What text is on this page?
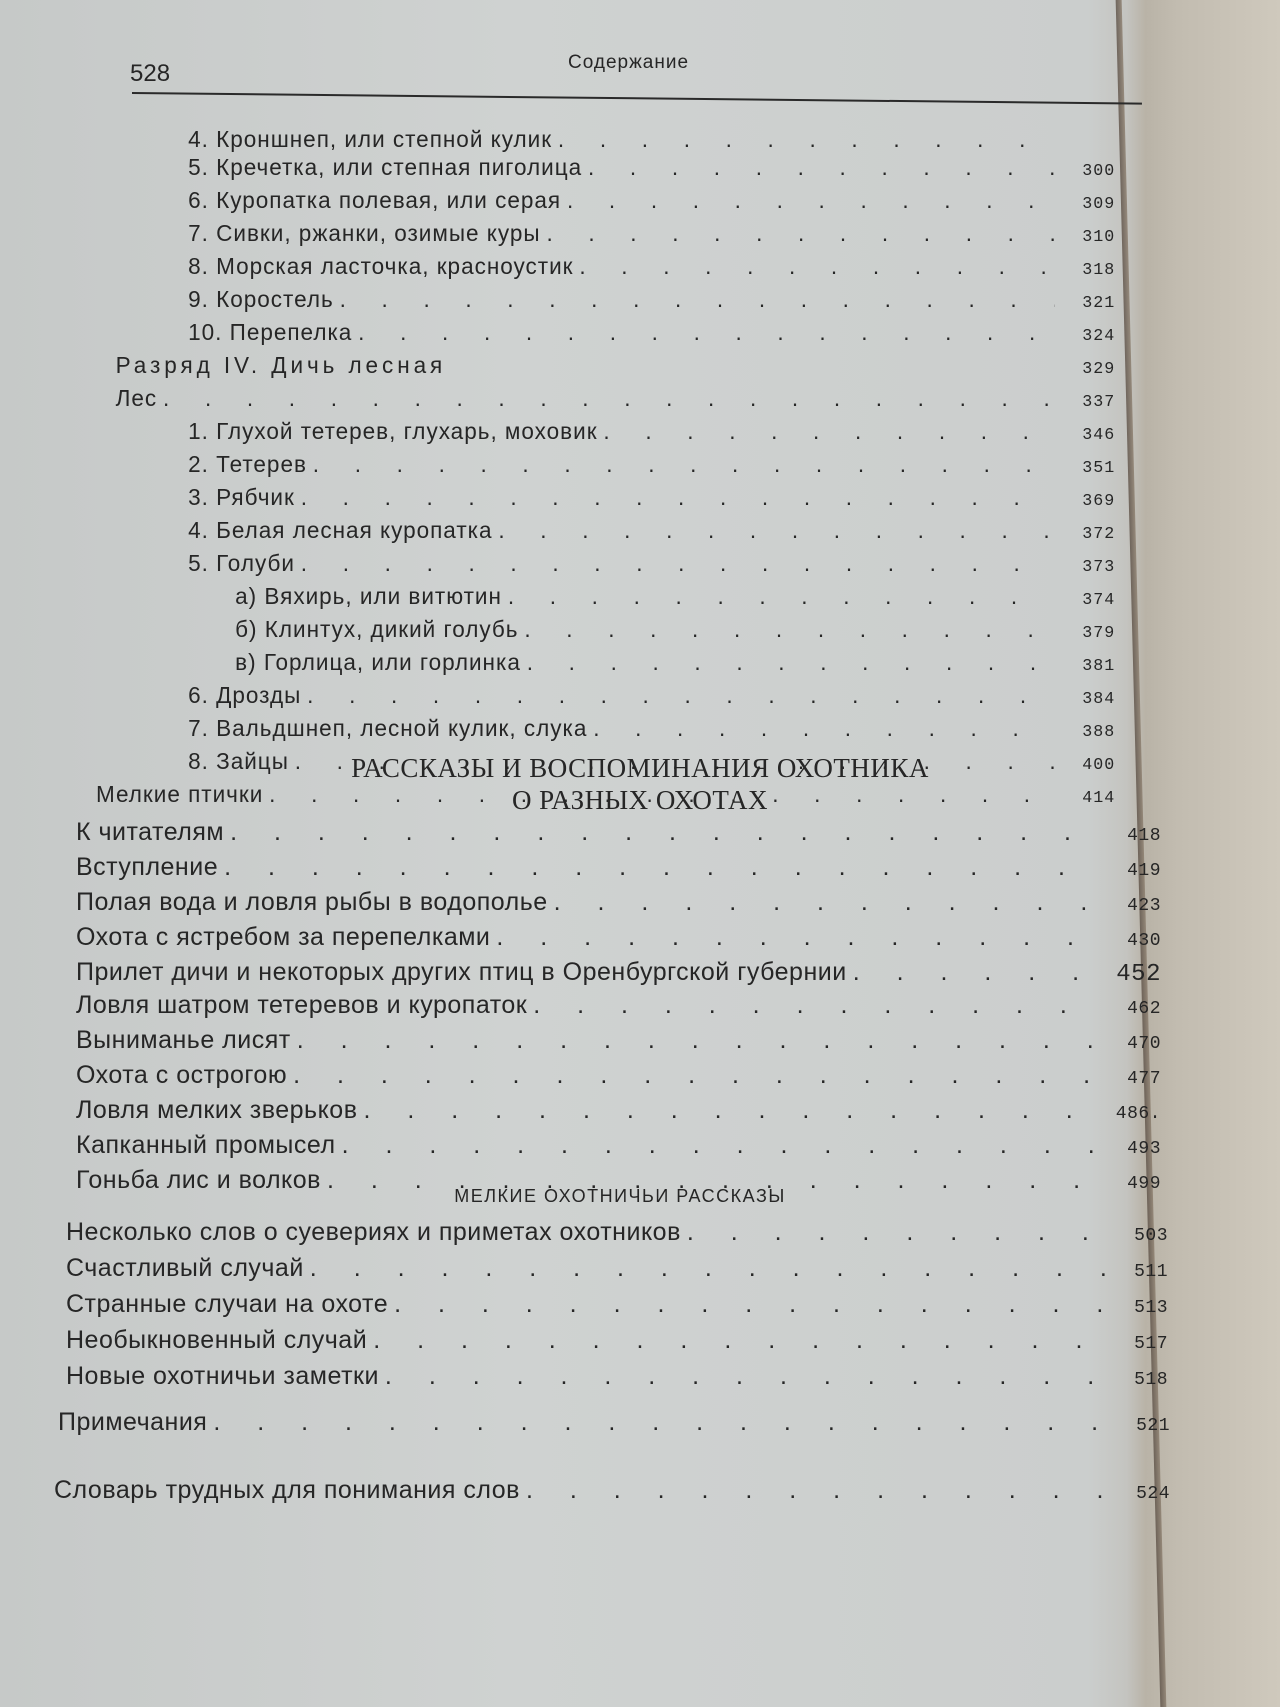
528	Содержание
4. Кроншнеп, или степной кулик
. . .
5. Кречетка, или степная пиголица . . .	300
6. Куропатка полевая, или серая . . .	309
7. Сивки, ржанки, озимые куры . . .	310
8. Морская ласточка, красноустик . . .	318
9. Коростель . . .	321
10. Перепелка . . .	324
Разряд IV. Дичь лесная	329
Лес . . .	337
1. Глухой тетерев, глухарь, моховик . . .	346
2. Тетерев . . .	351
3. Рябчик . . .	369
4. Белая лесная куропатка . . .	372
5. Голуби . . .	373
а) Вяхирь, или витютин . . .	374
б) Клинтух, дикий голубь . . .	379
в) Горлица, или горлинка . . .	381
6. Дрозды . . .	384
7. Вальдшнеп, лесной кулик, слука . . .	388
8. Зайцы . . .	400
Мелкие птички . . .	414
РАССКАЗЫ И ВОСПОМИНАНИЯ ОХОТНИКА
О РАЗНЫХ ОХОТАХ
К читателям . . .	418
Вступление . . .	419
Полая вода и ловля рыбы в водополье . . .	423
Охота с ястребом за перепелками . . .	430
Прилет дичи и некоторых других птиц в Оренбургской губернии . . .	452
Ловля шатром тетеревов и куропаток . . .	462
Выниманье лисят . . .	470
Охота с острогою . . .	477
Ловля мелких зверьков . . .	486.
Капканный промысел . . .	493
Гоньба лис и волков . . .	499
МЕЛКИЕ ОХОТНИЧЬИ РАССКАЗЫ
Несколько слов о суевериях и приметах охотников . . .	503
Счастливый случай . . .	511
Странные случаи на охоте . . .	513
Необыкновенный случай . . .	517
Новые охотничьи заметки . . .	518
Примечания . . .	521
Словарь трудных для понимания слов . . .	524
